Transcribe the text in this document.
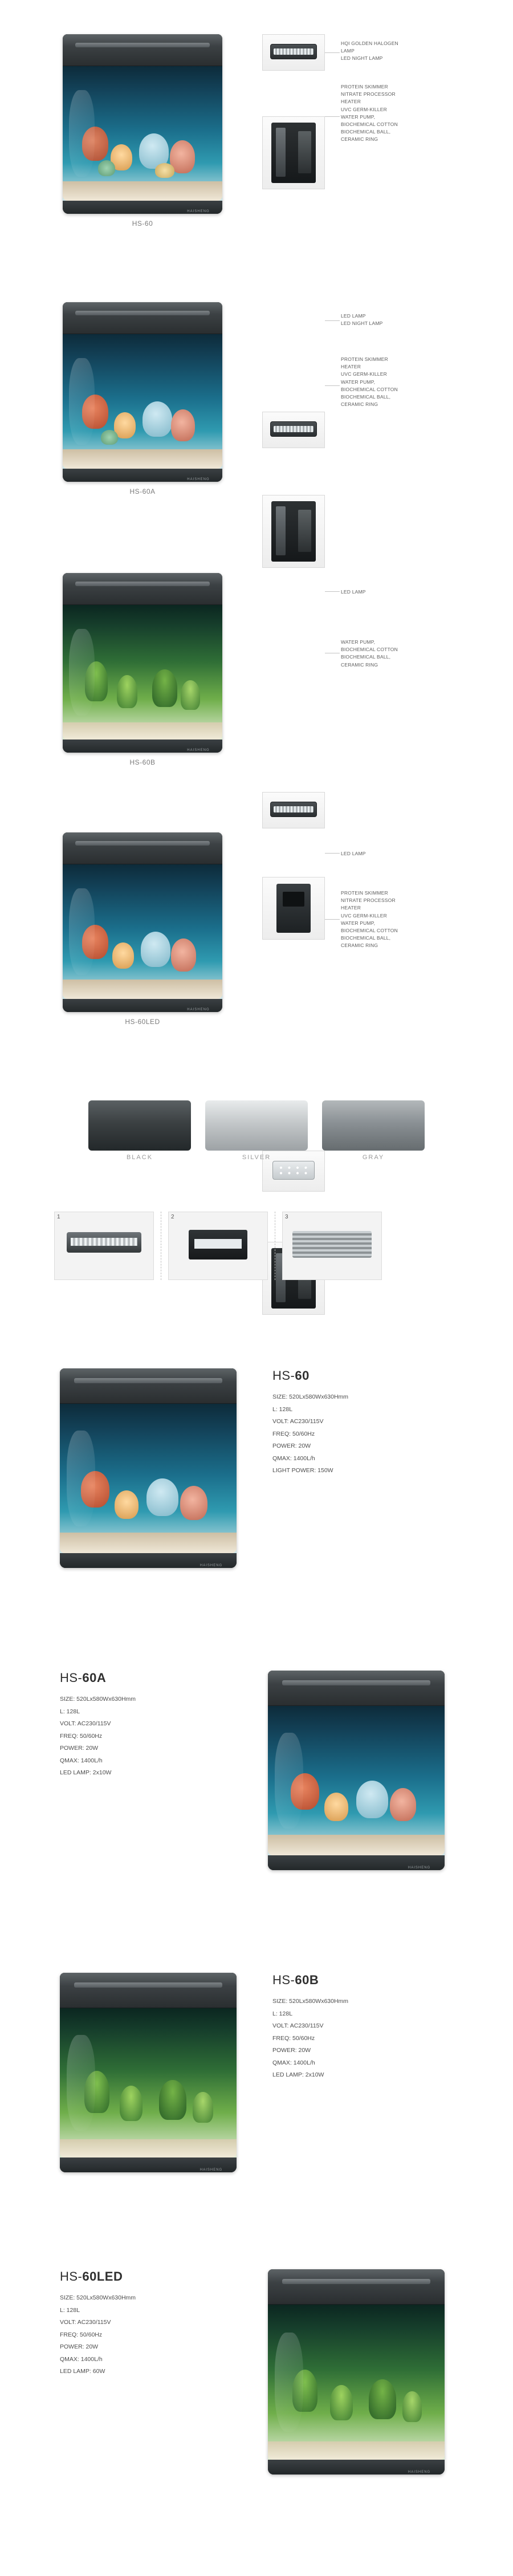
HAISHENG
HS-60
HQI GOLDEN HALOGEN
LAMP
LED NIGHT LAMP
PROTEIN SKIMMER
NITRATE PROCESSOR
HEATER
UVC GERM-KILLER
WATER PUMP,
BIOCHEMICAL COTTON
BIOCHEMICAL BALL,
CERAMIC RING
HAISHENG
HS-60A
LED LAMP
LED NIGHT LAMP
PROTEIN SKIMMER
HEATER
UVC GERM-KILLER
WATER PUMP,
BIOCHEMICAL COTTON
BIOCHEMICAL BALL,
CERAMIC RING
HAISHENG
HS-60B
LED LAMP
WATER PUMP,
BIOCHEMICAL COTTON
BIOCHEMICAL BALL,
CERAMIC RING
HAISHENG
HS-60LED
LED LAMP
PROTEIN SKIMMER
NITRATE PROCESSOR
HEATER
UVC GERM-KILLER
WATER PUMP,
BIOCHEMICAL COTTON
BIOCHEMICAL BALL,
CERAMIC RING
BLACK	SILVER	GRAY
1	2	3
HAISHENG
HS-60
SIZE: 520Lx580Wx630Hmm
L: 128L
VOLT: AC230/115V
FREQ: 50/60Hz
POWER: 20W
QMAX: 1400L/h
LIGHT POWER: 150W
HAISHENG
HS-60A
SIZE: 520Lx580Wx630Hmm
L: 128L
VOLT: AC230/115V
FREQ: 50/60Hz
POWER: 20W
QMAX: 1400L/h
LED LAMP: 2x10W
HAISHENG
HS-60B
SIZE: 520Lx580Wx630Hmm
L: 128L
VOLT: AC230/115V
FREQ: 50/60Hz
POWER: 20W
QMAX: 1400L/h
LED LAMP: 2x10W
HAISHENG
HS-60LED
SIZE: 520Lx580Wx630Hmm
L: 128L
VOLT: AC230/115V
FREQ: 50/60Hz
POWER: 20W
QMAX: 1400L/h
LED LAMP: 60W
